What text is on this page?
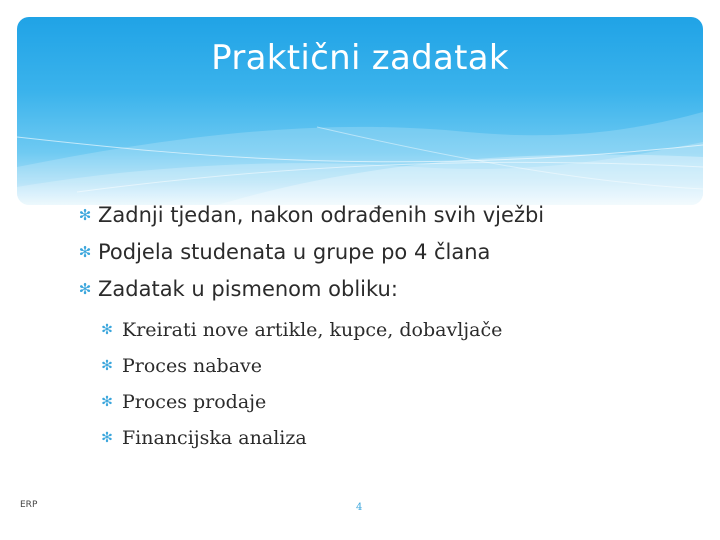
Praktični zadatak
✻ Zadnji tjedan, nakon odrađenih svih vježbi
✻ Podjela studenata u grupe po 4 člana
✻ Zadatak u pismenom obliku:
✻ Kreirati nove artikle, kupce, dobavljače
✻ Proces nabave
✻ Proces prodaje
✻ Financijska analiza
ERP	4
